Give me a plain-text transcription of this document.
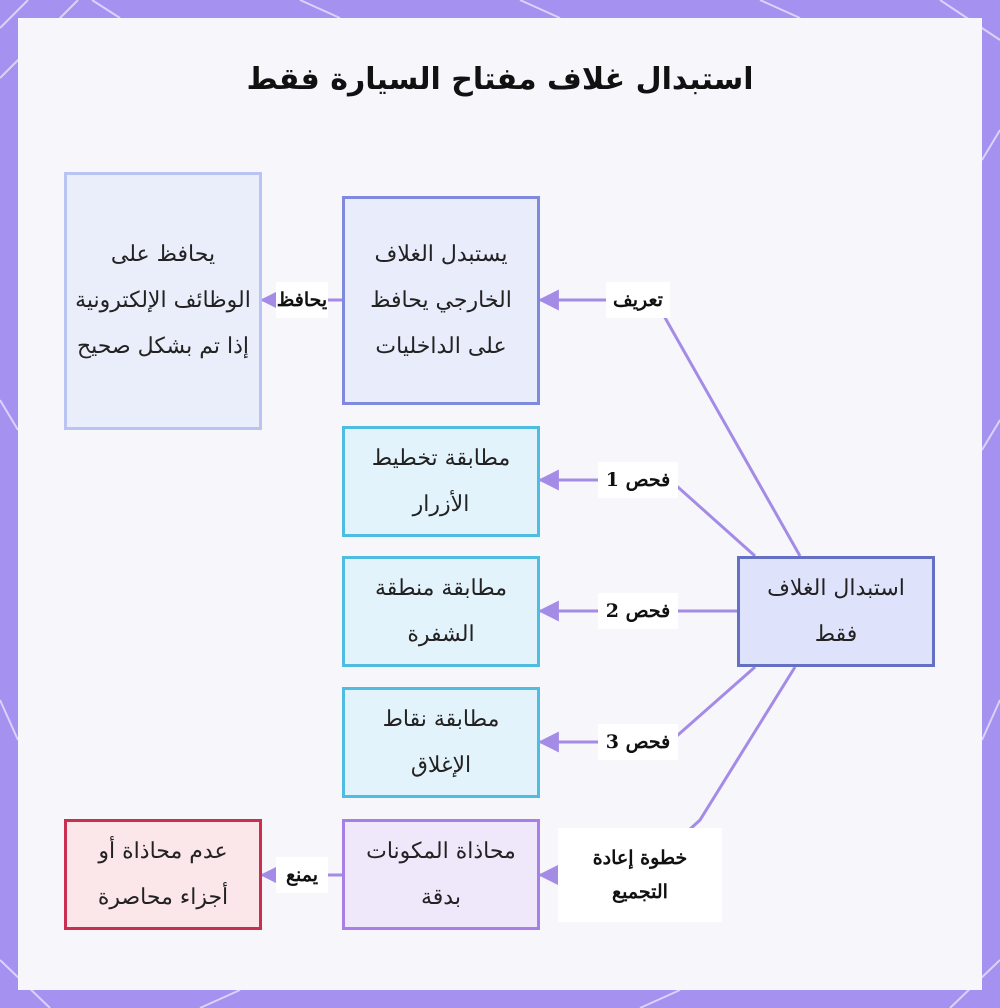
استبدال غلاف مفتاح السيارة فقط
يحافظ على الوظائف الإلكترونية إذا تم بشكل صحيح
يستبدل الغلاف الخارجي يحافظ على الداخليات
مطابقة تخطيط الأزرار
مطابقة منطقة الشفرة
مطابقة نقاط الإغلاق
محاذاة المكونات بدقة
عدم محاذاة أو أجزاء محاصرة
استبدال الغلاف فقط
تعريف
يحافظ
فحص 1
فحص 2
فحص 3
خطوة إعادة التجميع
يمنع
